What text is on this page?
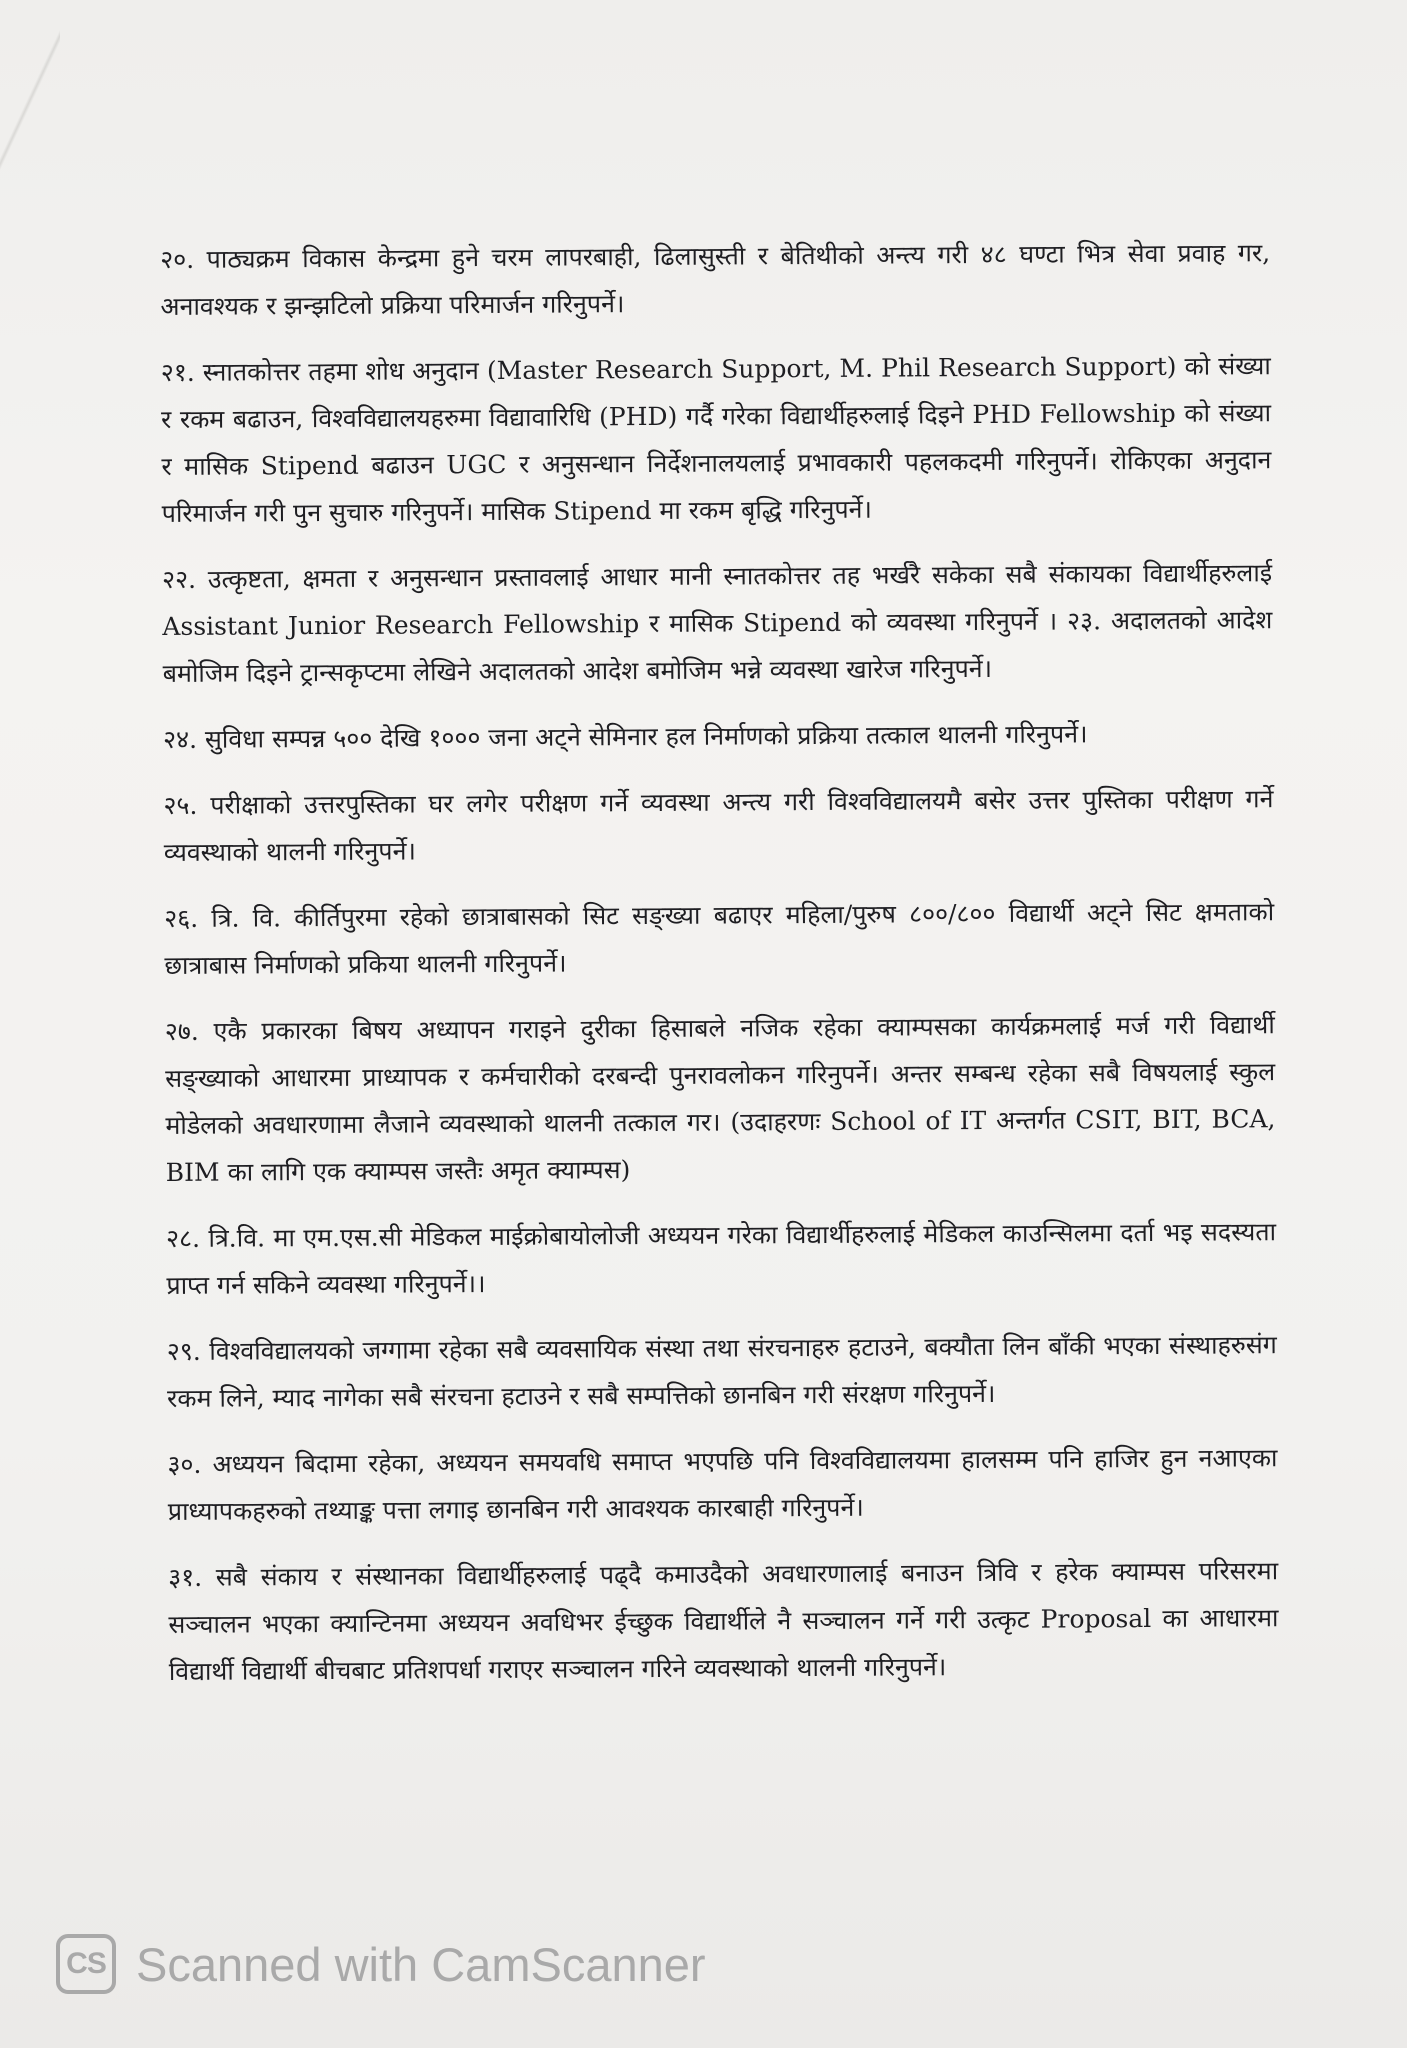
२०. पाठ्यक्रम विकास केन्द्रमा हुने चरम लापरबाही, ढिलासुस्ती र बेतिथीको अन्त्य गरी ४८ घण्टा भित्र सेवा प्रवाह गर, अनावश्यक र झन्झटिलो प्रक्रिया परिमार्जन गरिनुपर्ने।

२१. स्नातकोत्तर तहमा शोध अनुदान (Master Research Support, M. Phil Research Support) को संख्या र रकम बढाउन, विश्वविद्यालयहरुमा विद्यावारिधि (PHD) गर्दै गरेका विद्यार्थीहरुलाई दिइने PHD Fellowship को संख्या र मासिक Stipend बढाउन UGC र अनुसन्धान निर्देशनालयलाई प्रभावकारी पहलकदमी गरिनुपर्ने। रोकिएका अनुदान परिमार्जन गरी पुन सुचारु गरिनुपर्ने। मासिक Stipend मा रकम बृद्धि गरिनुपर्ने।

२२. उत्कृष्टता, क्षमता र अनुसन्धान प्रस्तावलाई आधार मानी स्नातकोत्तर तह भर्खरै सकेका सबै संकायका विद्यार्थीहरुलाई Assistant Junior Research Fellowship र मासिक Stipend को व्यवस्था गरिनुपर्ने । २३. अदालतको आदेश बमोजिम दिइने ट्रान्सकृप्टमा लेखिने अदालतको आदेश बमोजिम भन्ने व्यवस्था खारेज गरिनुपर्ने।

२४. सुविधा सम्पन्न ५०० देखि १००० जना अट्ने सेमिनार हल निर्माणको प्रक्रिया तत्काल थालनी गरिनुपर्ने।

२५. परीक्षाको उत्तरपुस्तिका घर लगेर परीक्षण गर्ने व्यवस्था अन्त्य गरी विश्वविद्यालयमै बसेर उत्तर पुस्तिका परीक्षण गर्ने व्यवस्थाको थालनी गरिनुपर्ने।

२६. त्रि. वि. कीर्तिपुरमा रहेको छात्राबासको सिट सङ्ख्या बढाएर महिला/पुरुष ८००/८०० विद्यार्थी अट्ने सिट क्षमताको छात्राबास निर्माणको प्रकिया थालनी गरिनुपर्ने।

२७. एकै प्रकारका बिषय अध्यापन गराइने दुरीका हिसाबले नजिक रहेका क्याम्पसका कार्यक्रमलाई मर्ज गरी विद्यार्थी सङ्ख्याको आधारमा प्राध्यापक र कर्मचारीको दरबन्दी पुनरावलोकन गरिनुपर्ने। अन्तर सम्बन्ध रहेका सबै विषयलाई स्कुल मोडेलको अवधारणामा लैजाने व्यवस्थाको थालनी तत्काल गर। (उदाहरणः School of IT अन्तर्गत CSIT, BIT, BCA, BIM का लागि एक क्याम्पस जस्तैः अमृत क्याम्पस)

२८. त्रि.वि. मा एम.एस.सी मेडिकल माईक्रोबायोलोजी अध्ययन गरेका विद्यार्थीहरुलाई मेडिकल काउन्सिलमा दर्ता भइ सदस्यता प्राप्त गर्न सकिने व्यवस्था गरिनुपर्ने।।

२९. विश्वविद्यालयको जग्गामा रहेका सबै व्यवसायिक संस्था तथा संरचनाहरु हटाउने, बक्यौता लिन बाँकी भएका संस्थाहरुसंग रकम लिने, म्याद नागेका सबै संरचना हटाउने र सबै सम्पत्तिको छानबिन गरी संरक्षण गरिनुपर्ने।

३०. अध्ययन बिदामा रहेका, अध्ययन समयवधि समाप्त भएपछि पनि विश्वविद्यालयमा हालसम्म पनि हाजिर हुन नआएका प्राध्यापकहरुको तथ्याङ्क पत्ता लगाइ छानबिन गरी आवश्यक कारबाही गरिनुपर्ने।

३१. सबै संकाय र संस्थानका विद्यार्थीहरुलाई पढ्दै कमाउदैको अवधारणालाई बनाउन त्रिवि र हरेक क्याम्पस परिसरमा सञ्चालन भएका क्यान्टिनमा अध्ययन अवधिभर ईच्छुक विद्यार्थीले नै सञ्चालन गर्ने गरी उत्कृट Proposal का आधारमा विद्यार्थी विद्यार्थी बीचबाट प्रतिशपर्धा गराएर सञ्चालन गरिने व्यवस्थाको थालनी गरिनुपर्ने।

CS Scanned with CamScanner
